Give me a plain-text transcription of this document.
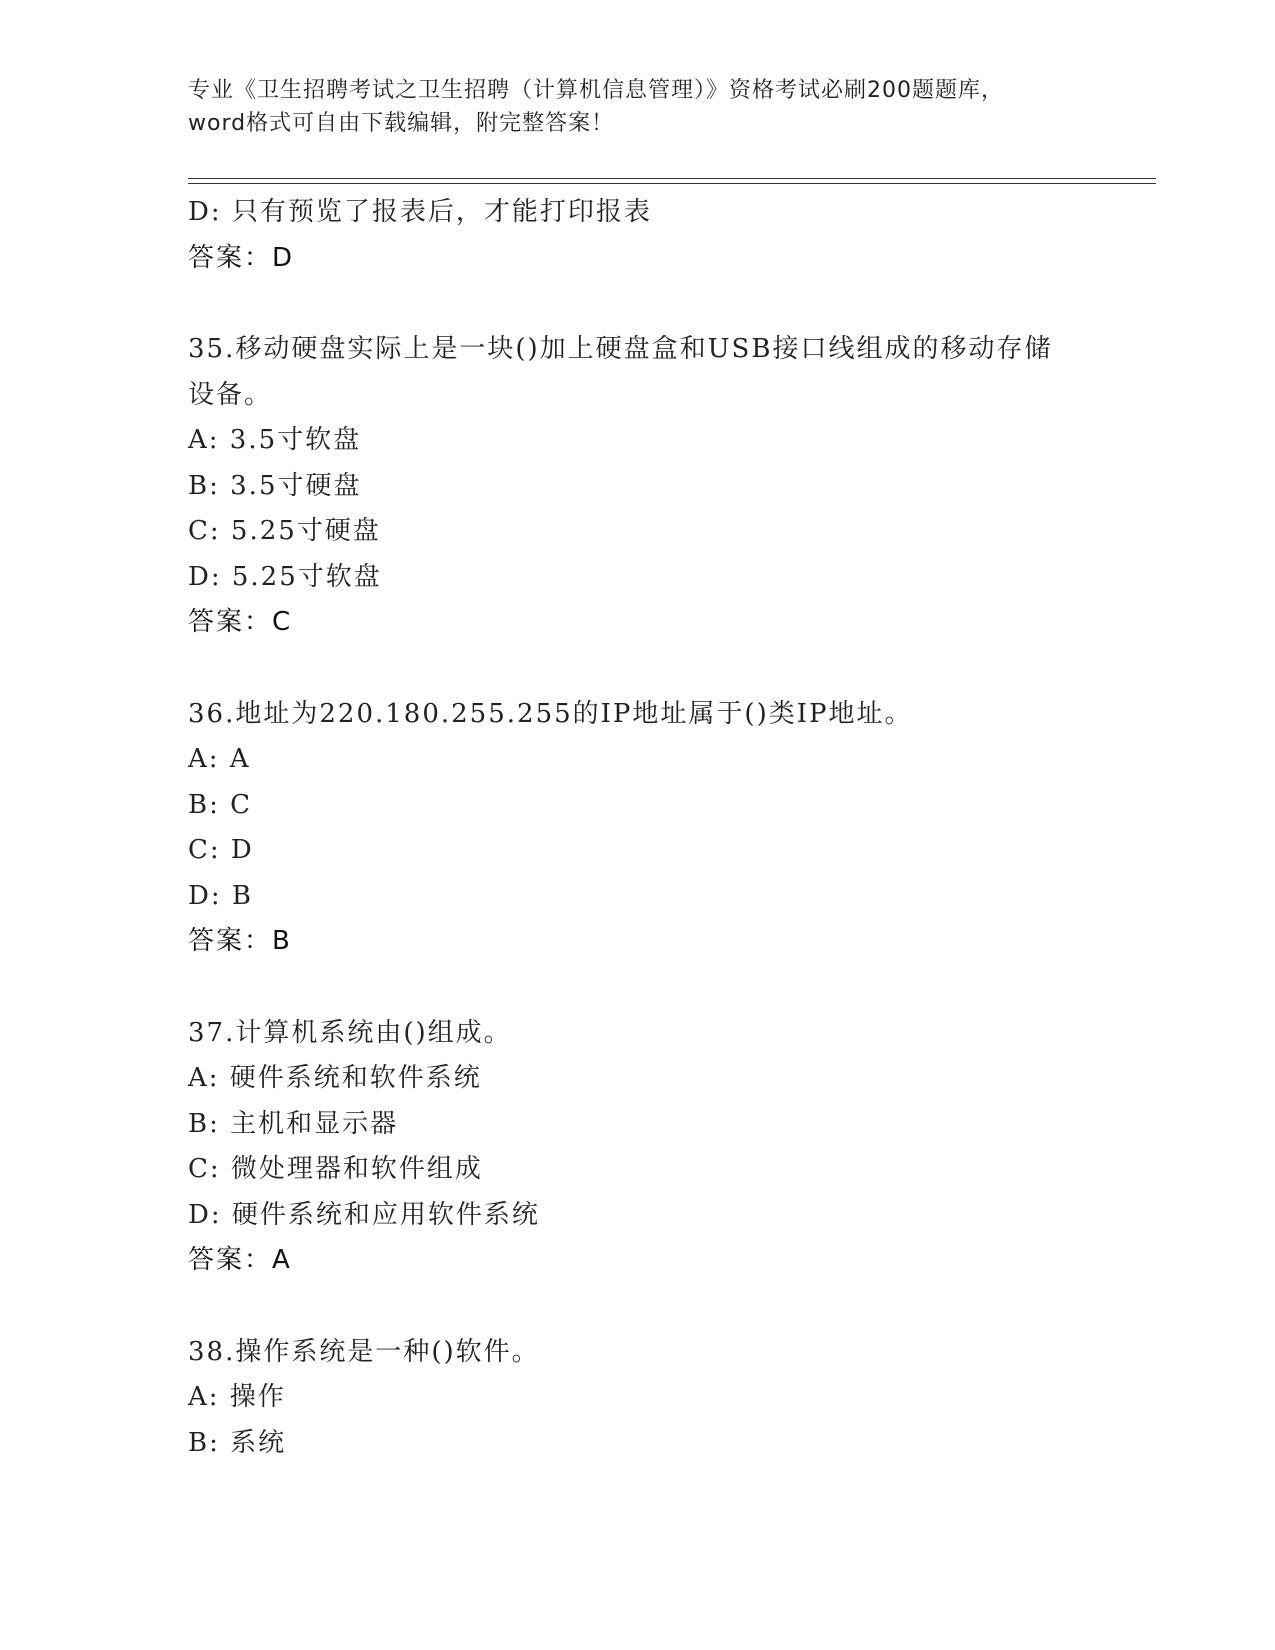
专业《卫生招聘考试之卫生招聘（计算机信息管理）》资格考试必刷200题题库，
word格式可自由下载编辑，附完整答案！
D: 只有预览了报表后，才能打印报表
答案：D
35.移动硬盘实际上是一块()加上硬盘盒和USB接口线组成的移动存储
设备。
A: 3.5寸软盘
B: 3.5寸硬盘
C: 5.25寸硬盘
D: 5.25寸软盘
答案：C
36.地址为220.180.255.255的IP地址属于()类IP地址。
A: A
B: C
C: D
D: B
答案：B
37.计算机系统由()组成。
A: 硬件系统和软件系统
B: 主机和显示器
C: 微处理器和软件组成
D: 硬件系统和应用软件系统
答案：A
38.操作系统是一种()软件。
A: 操作
B: 系统
